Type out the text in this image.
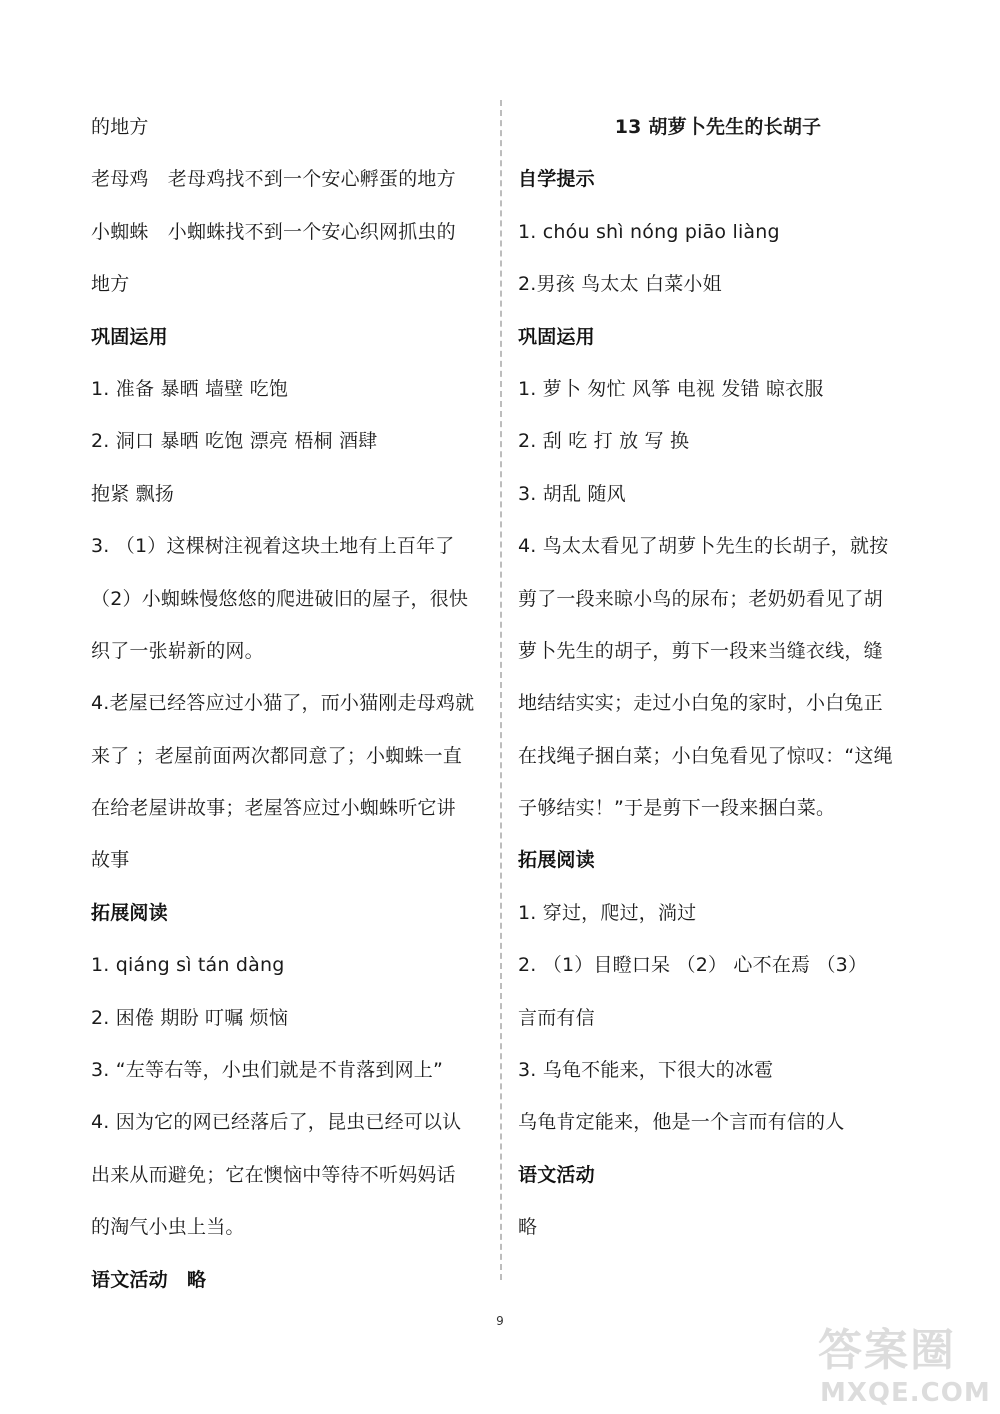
的地方
老母鸡　老母鸡找不到一个安心孵蛋的地方
小蜘蛛　小蜘蛛找不到一个安心织网抓虫的
地方
巩固运用
1. 准备 暴晒 墙壁 吃饱
2. 洞口 暴晒 吃饱 漂亮 梧桐 酒肆
抱紧 飘扬
3. （1）这棵树注视着这块土地有上百年了
（2）小蜘蛛慢悠悠的爬进破旧的屋子，很快
织了一张崭新的网。
4.老屋已经答应过小猫了，而小猫刚走母鸡就
来了 ；老屋前面两次都同意了；小蜘蛛一直
在给老屋讲故事；老屋答应过小蜘蛛听它讲
故事
拓展阅读
1. qiáng sì tán dàng
2. 困倦 期盼 叮嘱 烦恼
3. “左等右等，小虫们就是不肯落到网上”
4. 因为它的网已经落后了，昆虫已经可以认
出来从而避免；它在懊恼中等待不听妈妈话
的淘气小虫上当。
语文活动　略
13 胡萝卜先生的长胡子
自学提示
1. chóu shì nóng piāo liàng
2.男孩 鸟太太 白菜小姐
巩固运用
1. 萝卜 匆忙 风筝 电视 发错 晾衣服
2. 刮 吃 打 放 写 换
3. 胡乱 随风
4. 鸟太太看见了胡萝卜先生的长胡子，就按
剪了一段来晾小鸟的尿布；老奶奶看见了胡
萝卜先生的胡子，剪下一段来当缝衣线，缝
地结结实实；走过小白兔的家时，小白兔正
在找绳子捆白菜；小白兔看见了惊叹：“这绳
子够结实！”于是剪下一段来捆白菜。
拓展阅读
1. 穿过，爬过，淌过
2. （1）目瞪口呆 （2） 心不在焉 （3）
言而有信
3. 乌龟不能来，下很大的冰雹
乌龟肯定能来，他是一个言而有信的人
语文活动
略
9
答案圈
MXQE.COM
